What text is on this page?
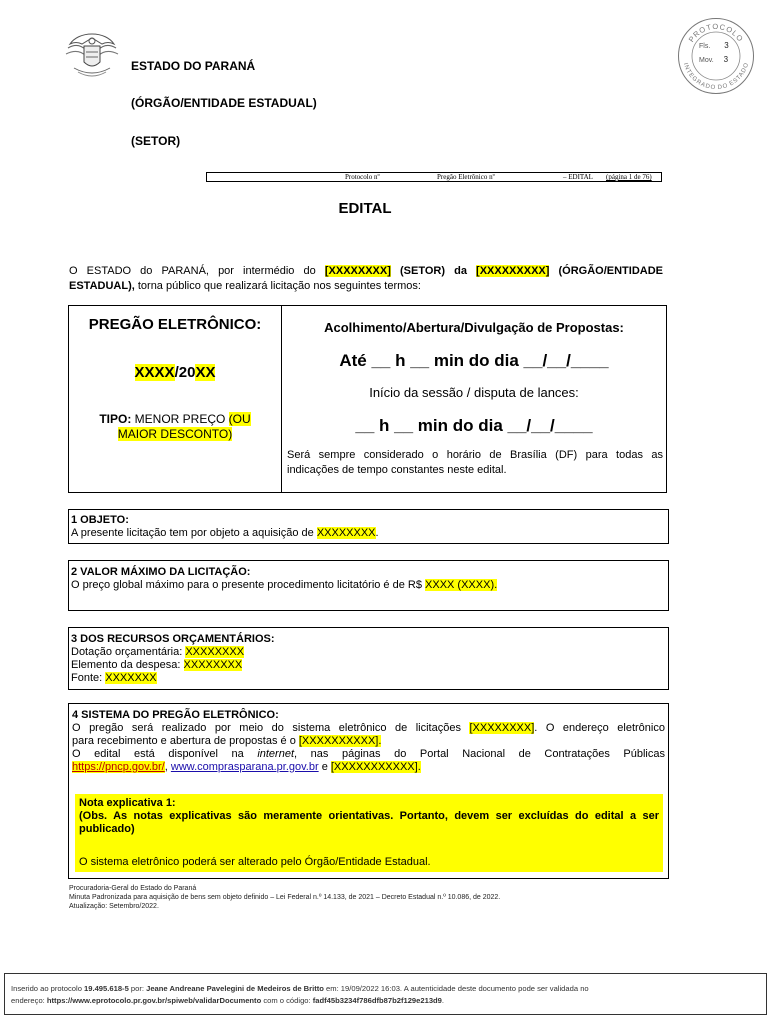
PROTOCOLO
INTEGRADO DO ESTADO
Fls. 3
Mov. 3
ESTADO DO PARANÁ
(ÓRGÃO/ENTIDADE ESTADUAL)
(SETOR)
Protocolo nº	Pregão Eletrônico nº	– EDITAL (página 1 de 76)
EDITAL
O ESTADO do PARANÁ, por intermédio do [XXXXXXXX] (SETOR) da [XXXXXXXXX] (ÓRGÃO/ENTIDADE
ESTADUAL), torna público que realizará licitação nos seguintes termos:
PREGÃO ELETRÔNICO:
XXXX/20XX
TIPO: MENOR PREÇO (OU
MAIOR DESCONTO)
Acolhimento/Abertura/Divulgação de Propostas:
Até __ h __ min do dia __/__/____
Início da sessão / disputa de lances:
__ h __ min do dia __/__/____
Será sempre considerado o horário de Brasília (DF) para todas as
indicações de tempo constantes neste edital.
1 OBJETO:
A presente licitação tem por objeto a aquisição de XXXXXXXX.
2 VALOR MÁXIMO DA LICITAÇÃO:
O preço global máximo para o presente procedimento licitatório é de R$ XXXX (XXXX).
3 DOS RECURSOS ORÇAMENTÁRIOS:
Dotação orçamentária: XXXXXXXX
Elemento da despesa: XXXXXXXX
Fonte: XXXXXXX
4 SISTEMA DO PREGÃO ELETRÔNICO:
O pregão será realizado por meio do sistema eletrônico de licitações [XXXXXXXX]. O endereço eletrônico
para recebimento e abertura de propostas é o [XXXXXXXXXX].
O edital está disponível na internet, nas páginas do Portal Nacional de Contratações Públicas
https://pncp.gov.br/, www.comprasparana.pr.gov.br e [XXXXXXXXXXX].
Nota explicativa 1:
(Obs. As notas explicativas são meramente orientativas. Portanto, devem ser excluídas do edital a ser publicado)
O sistema eletrônico poderá ser alterado pelo Órgão/Entidade Estadual.
Procuradoria-Geral do Estado do Paraná
Minuta Padronizada para aquisição de bens sem objeto definido – Lei Federal n.º 14.133, de 2021 – Decreto Estadual n.º 10.086, de 2022.
Atualização: Setembro/2022.
Inserido ao protocolo 19.495.618-5 por: Jeane Andreane Pavelegini de Medeiros de Britto em: 19/09/2022 16:03. A autenticidade deste documento pode ser validada no
endereço: https://www.eprotocolo.pr.gov.br/spiweb/validarDocumento com o código: fadf45b3234f786dfb87b2f129e213d9.
